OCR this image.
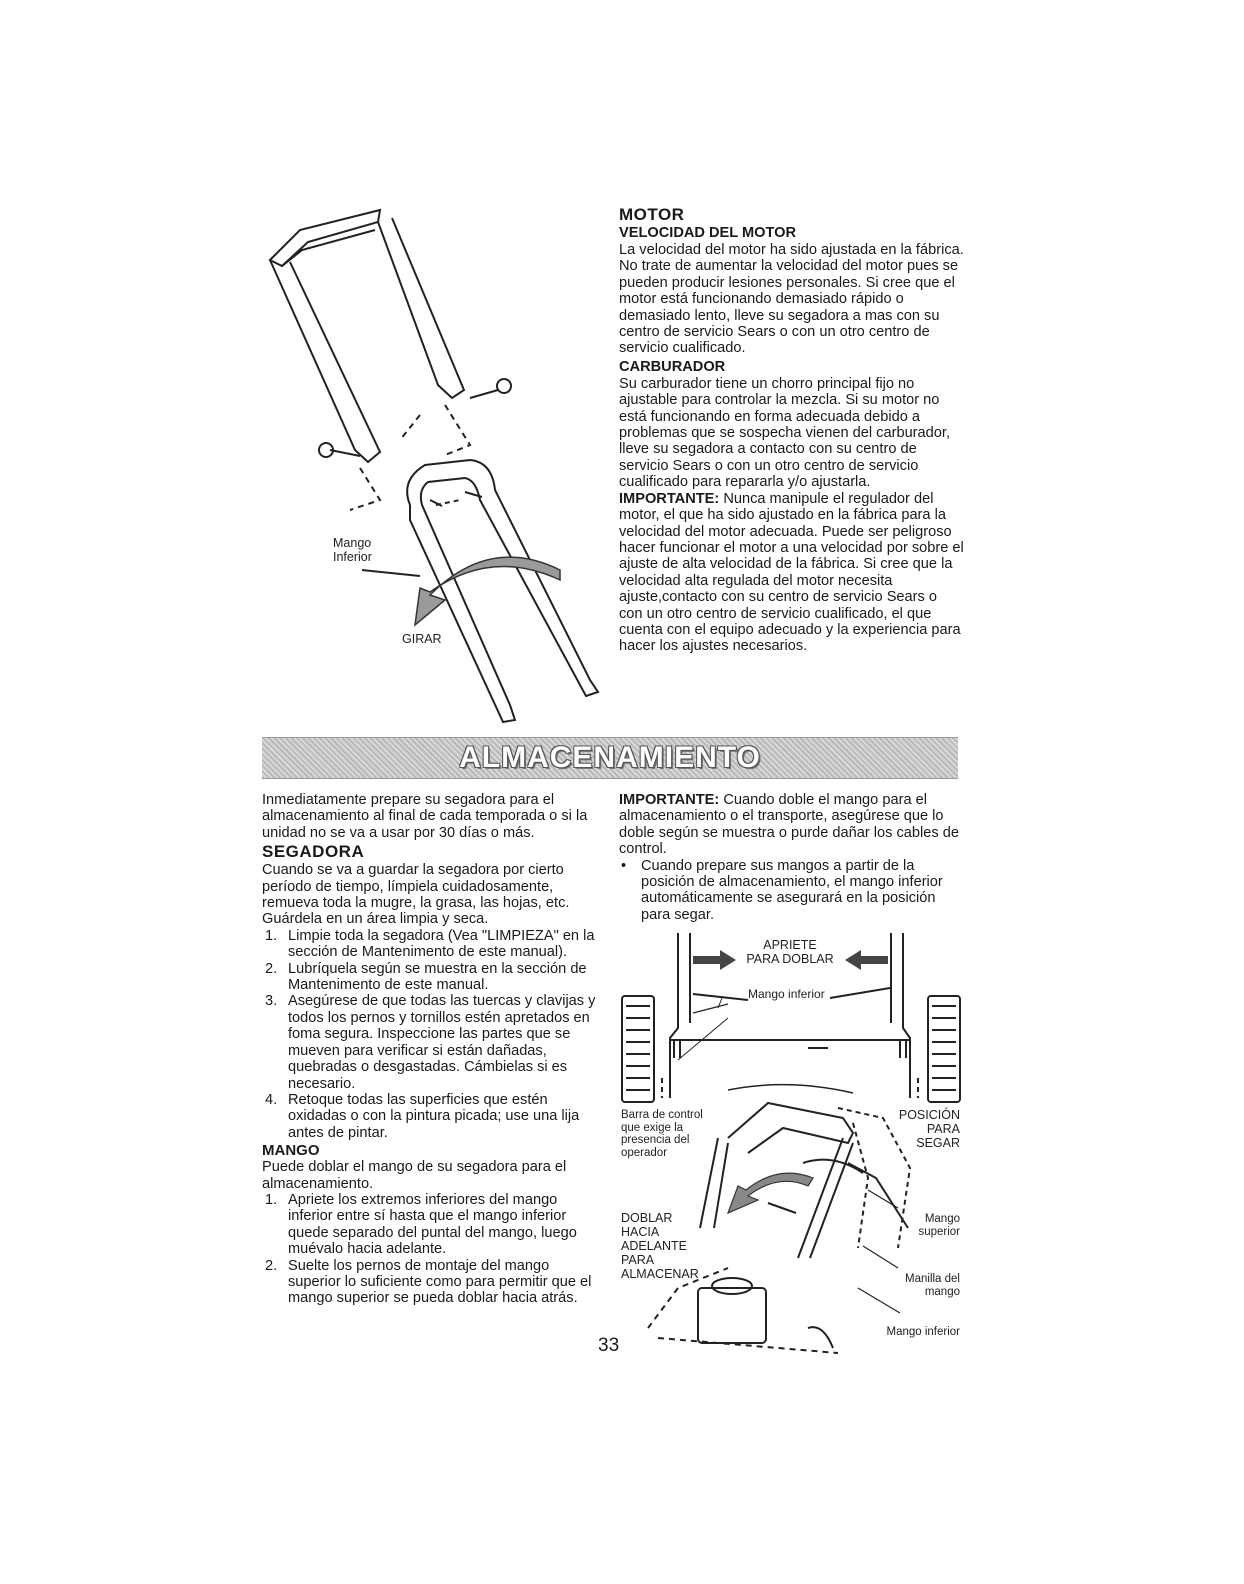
Mango
Inferior
GIRAR
MOTOR
VELOCIDAD DEL MOTOR

La velocidad del motor ha sido ajustada en la fábrica. No trate de aumentar la velocidad del motor pues se pueden producir lesiones personales. Si cree que el motor está funcionando demasiado rápido o demasiado lento, lleve su segadora a mas con su centro de servicio Sears o con un otro centro de servicio cualificado.

CARBURADOR

Su carburador tiene un chorro principal fijo no ajustable para controlar la mezcla. Si su motor no está funcionando en forma adecuada debido a problemas que se sospecha vienen del carburador, lleve su segadora a contacto con su centro de servicio Sears o con un otro centro de servicio cualificado para repararla y/o ajustarla.

IMPORTANTE: Nunca manipule el regulador del motor, el que ha sido ajustado en la fábrica para la velocidad del motor adecuada. Puede ser peligroso hacer funcionar el motor a una velocidad por sobre el ajuste de alta velocidad de la fábrica. Si cree que la velocidad alta regulada del motor necesita ajuste,contacto con su centro de servicio Sears o con un otro centro de servicio cualificado, el que cuenta con el equipo adecuado y la experiencia para hacer los ajustes necesarios.

ALMACENAMIENTO

Inmediatamente prepare su segadora para el almacenamiento al final de cada temporada o si la unidad no se va a usar por 30 días o más.

SEGADORA

Cuando se va a guardar la segadora por cierto período de tiempo, límpiela cuidadosamente, remueva toda la mugre, la grasa, las hojas, etc. Guárdela en un área limpia y seca.

1. Limpie toda la segadora (Vea "LIMPIEZA" en la sección de Mantenimento de este manual).
2. Lubríquela según se muestra en la sección de Mantenimento de este manual.
3. Asegúrese de que todas las tuercas y clavijas y todos los pernos y tornillos estén apretados en foma segura. Inspeccione las partes que se mueven para verificar si están dañadas, quebradas o desgastadas. Cámbielas si es necesario.
4. Retoque todas las superficies que estén oxidadas o con la pintura picada; use una lija antes de pintar.
MANGO

Puede doblar el mango de su segadora para el almacenamiento.

1. Apriete los extremos inferiores del mango inferior entre sí hasta que el mango inferior quede separado del puntal del mango, luego muévalo hacia adelante.
2. Suelte los pernos de montaje del mango superior lo suficiente como para permitir que el mango superior se pueda doblar hacia atrás.

IMPORTANTE: Cuando doble el mango para el almacenamiento o el transporte, asegúrese que lo doble según se muestra o purde dañar los cables de control.

• Cuando prepare sus mangos a partir de la posición de almacenamiento, el mango inferior automáticamente se asegurará en la posición para segar.
APRIETE
PARA DOBLAR
Mango inferior
Barra de control
que exige la
presencia del
operador
POSICIÓN
PARA
SEGAR
DOBLAR
HACIA
ADELANTE
PARA
ALMACENAR
Mango
superior
Manilla del
mango
Mango inferior
33
